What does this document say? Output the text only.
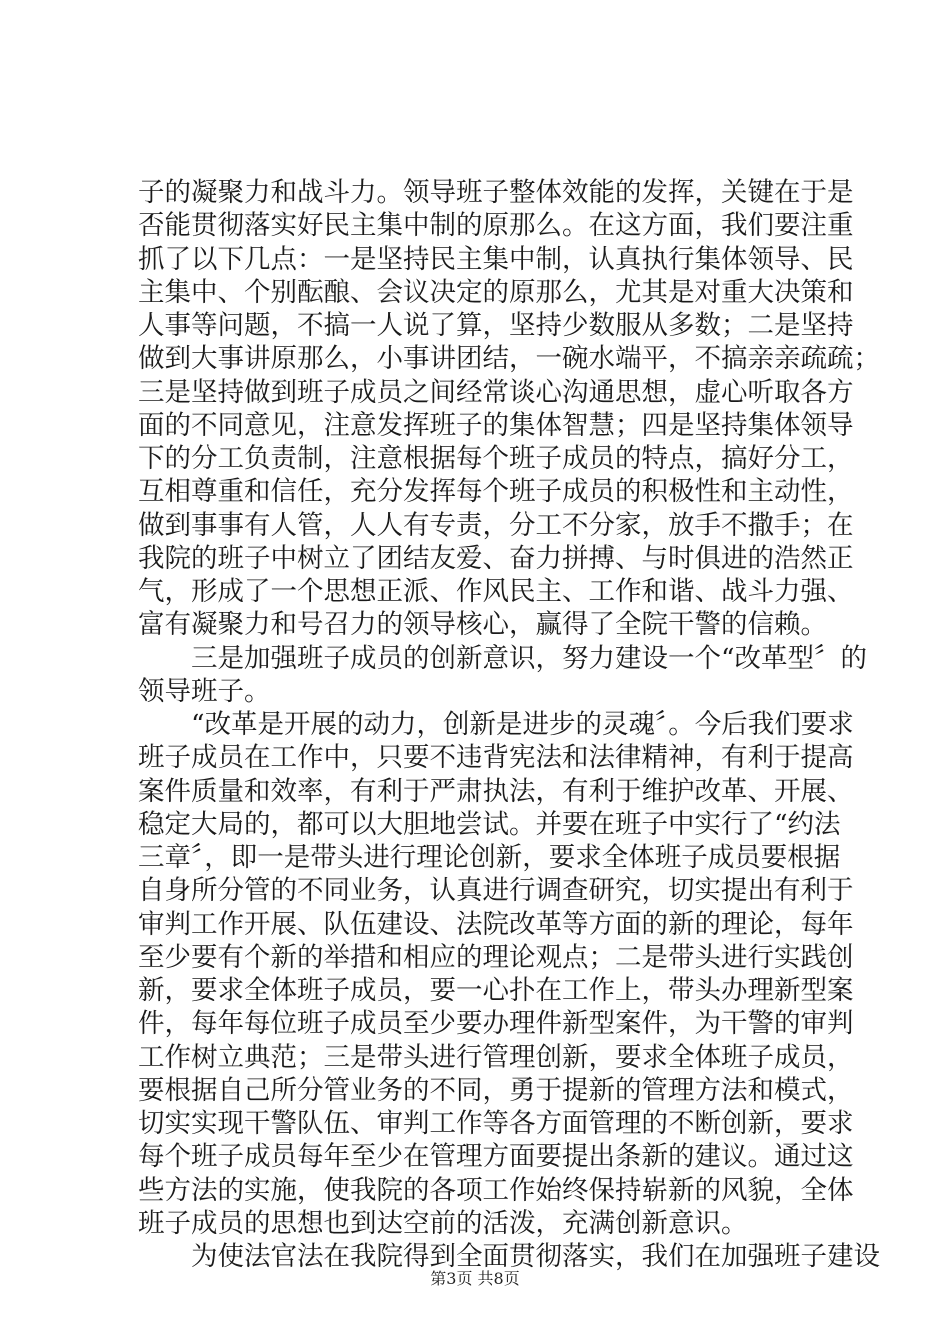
子的凝聚力和战斗力。领导班子整体效能的发挥，关键在于是
否能贯彻落实好民主集中制的原那么。在这方面，我们要注重
抓了以下几点：一是坚持民主集中制，认真执行集体领导、民
主集中、个别酝酿、会议决定的原那么，尤其是对重大决策和
人事等问题，不搞一人说了算，坚持少数服从多数；二是坚持
做到大事讲原那么，小事讲团结，一碗水端平，不搞亲亲疏疏；
三是坚持做到班子成员之间经常谈心沟通思想，虚心听取各方
面的不同意见，注意发挥班子的集体智慧；四是坚持集体领导
下的分工负责制，注意根据每个班子成员的特点，搞好分工，
互相尊重和信任，充分发挥每个班子成员的积极性和主动性，
做到事事有人管，人人有专责，分工不分家，放手不撒手；在
我院的班子中树立了团结友爱、奋力拼搏、与时俱进的浩然正
气，形成了一个思想正派、作风民主、工作和谐、战斗力强、
富有凝聚力和号召力的领导核心，赢得了全院干警的信赖。
　　三是加强班子成员的创新意识，努力建设一个“改革型〞的
领导班子。
　　“改革是开展的动力，创新是进步的灵魂〞。今后我们要求
班子成员在工作中，只要不违背宪法和法律精神，有利于提高
案件质量和效率，有利于严肃执法，有利于维护改革、开展、
稳定大局的，都可以大胆地尝试。并要在班子中实行了“约法
三章〞，即一是带头进行理论创新，要求全体班子成员要根据
自身所分管的不同业务，认真进行调查研究，切实提出有利于
审判工作开展、队伍建设、法院改革等方面的新的理论，每年
至少要有个新的举措和相应的理论观点；二是带头进行实践创
新，要求全体班子成员，要一心扑在工作上，带头办理新型案
件，每年每位班子成员至少要办理件新型案件，为干警的审判
工作树立典范；三是带头进行管理创新，要求全体班子成员，
要根据自己所分管业务的不同，勇于提新的管理方法和模式，
切实实现干警队伍、审判工作等各方面管理的不断创新，要求
每个班子成员每年至少在管理方面要提出条新的建议。通过这
些方法的实施，使我院的各项工作始终保持崭新的风貌，全体
班子成员的思想也到达空前的活泼，充满创新意识。
　　为使法官法在我院得到全面贯彻落实，我们在加强班子建设
第3页 共8页
